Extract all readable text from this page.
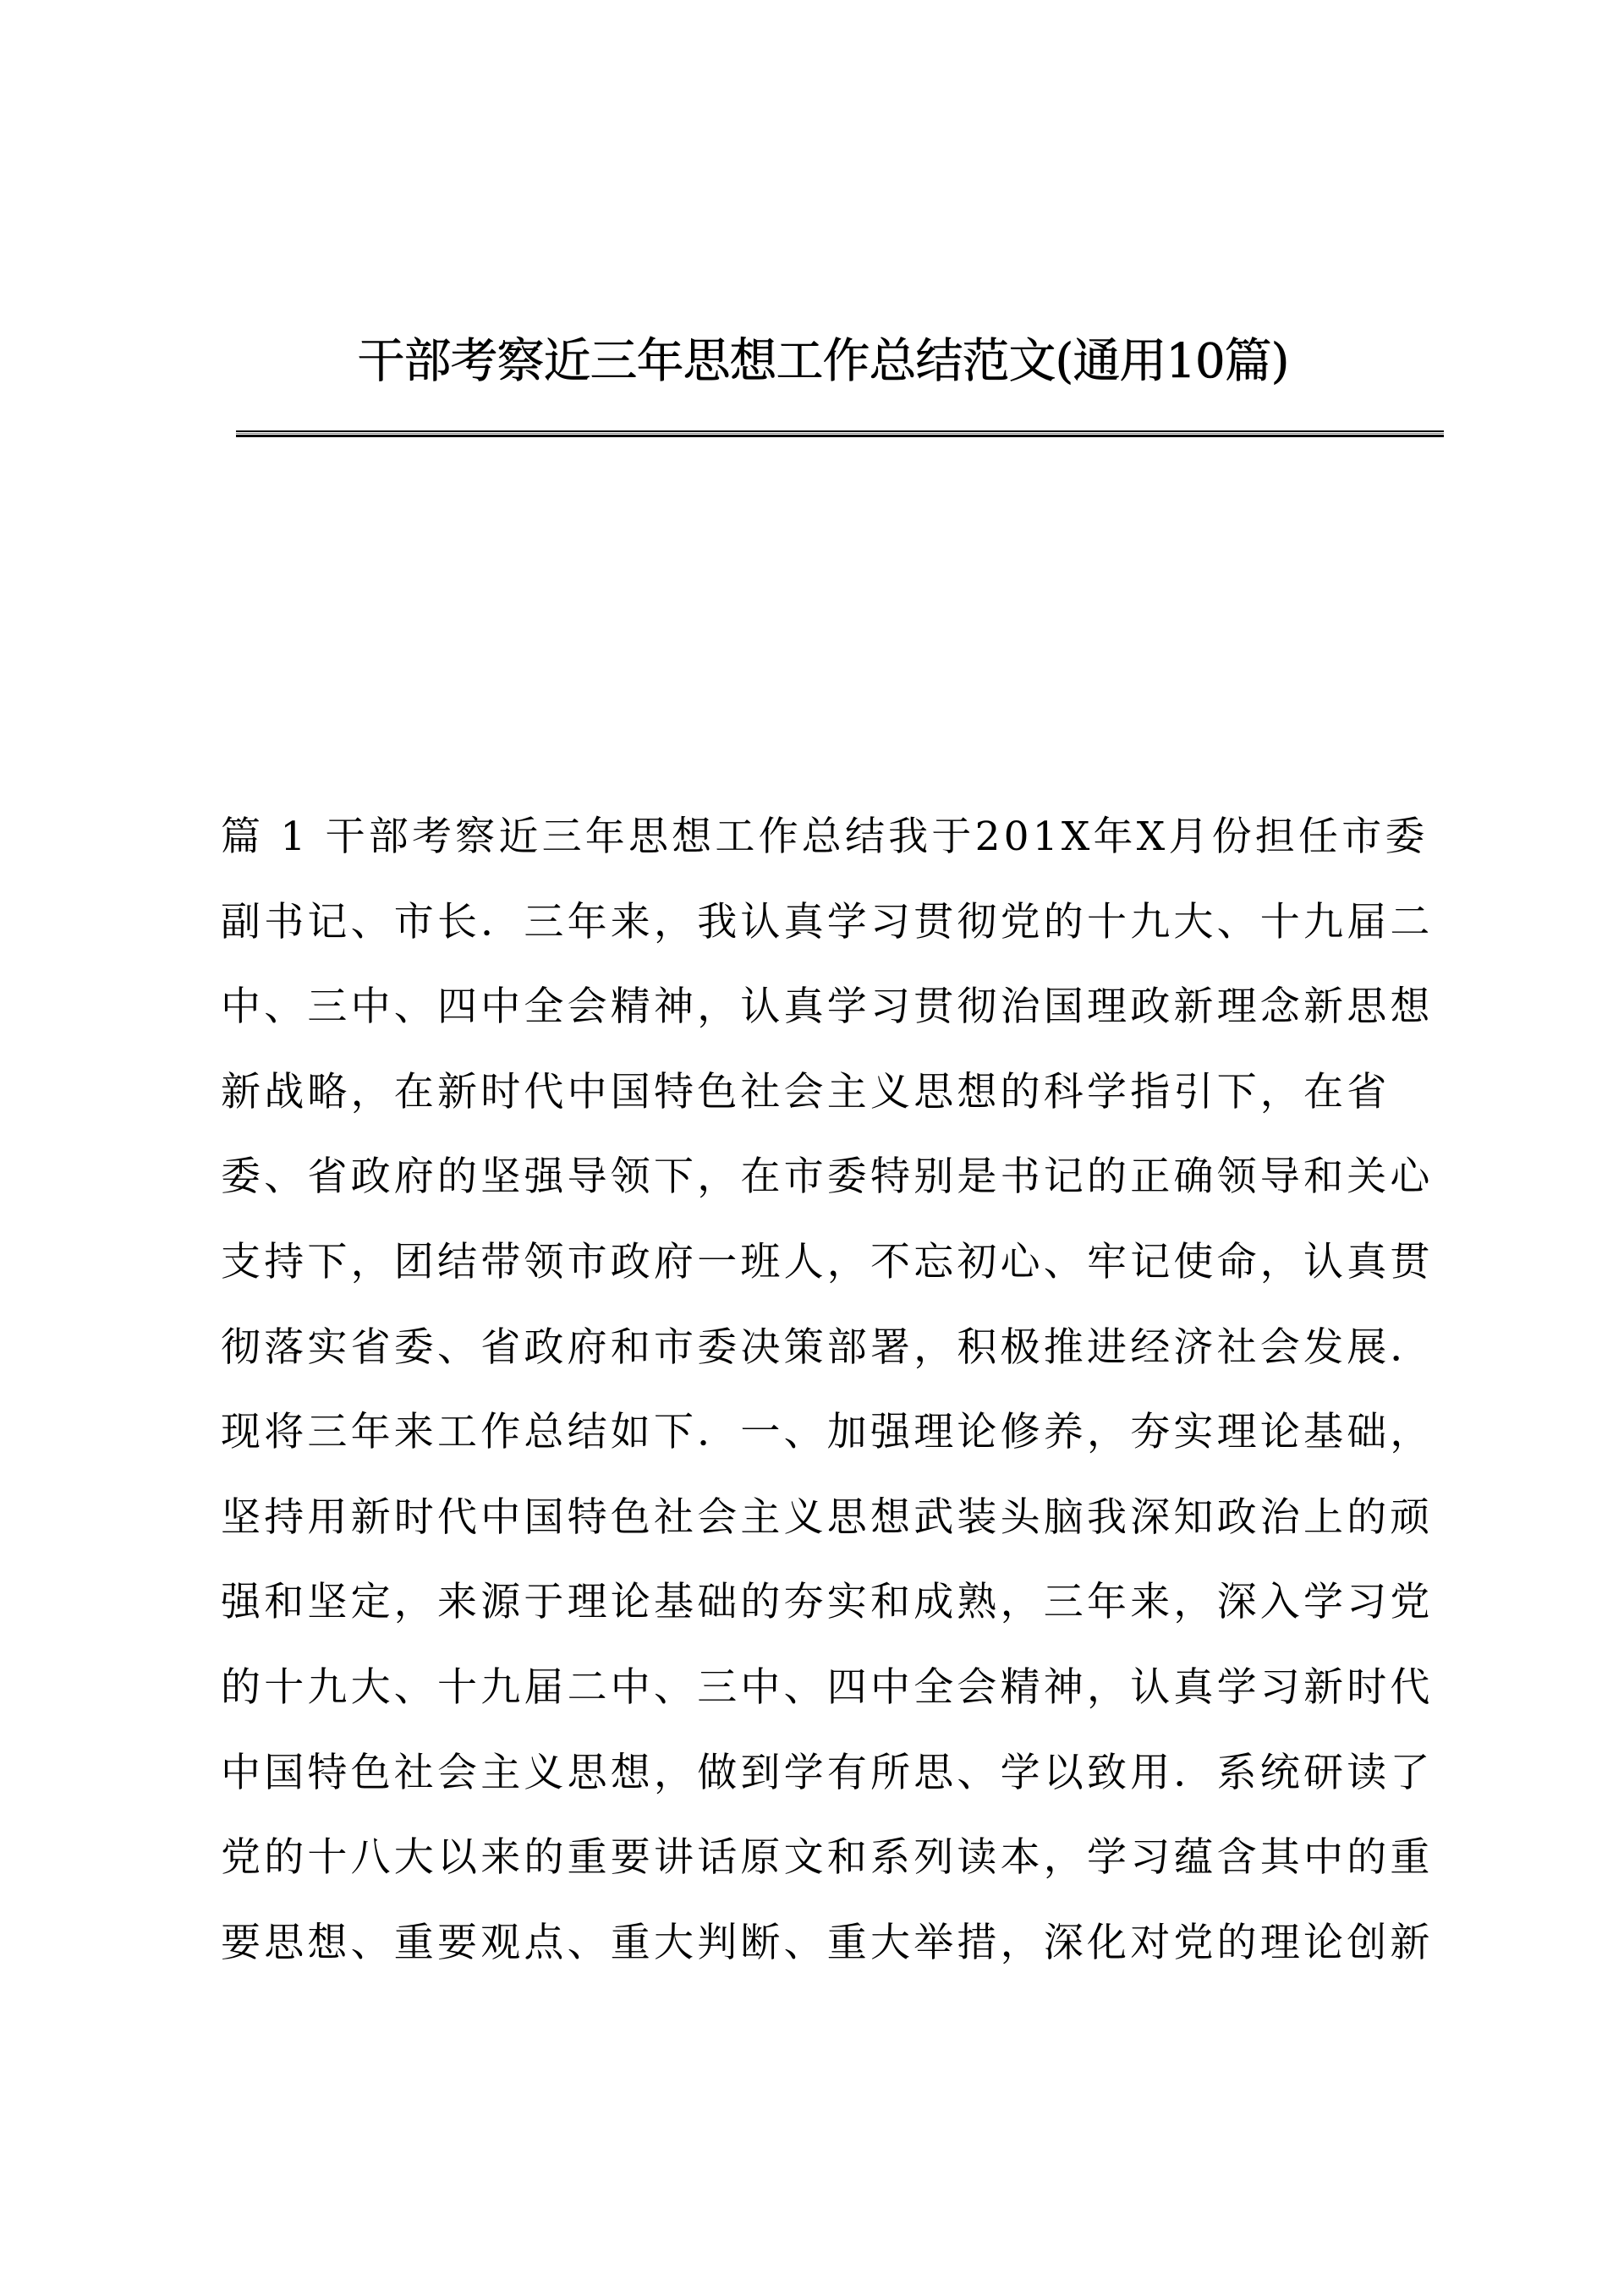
干部考察近三年思想工作总结范文(通用10篇)
篇 1 干部考察近三年思想工作总结我于201X年X月份担任市委
副书记、市长．三年来，我认真学习贯彻党的十九大、十九届二
中、三中、四中全会精神，认真学习贯彻治国理政新理念新思想
新战略，在新时代中国特色社会主义思想的科学指引下，在省
委、省政府的坚强导领下，在市委特别是书记的正确领导和关心
支持下，团结带领市政府一班人，不忘初心、牢记使命，认真贯
彻落实省委、省政府和市委决策部署，积极推进经济社会发展．
现将三年来工作总结如下．一、加强理论修养，夯实理论基础，
坚持用新时代中国特色社会主义思想武装头脑我深知政治上的顽
强和坚定，来源于理论基础的夯实和成熟，三年来，深入学习党
的十九大、十九届二中、三中、四中全会精神，认真学习新时代
中国特色社会主义思想，做到学有所思、学以致用．系统研读了
党的十八大以来的重要讲话原文和系列读本，学习蕴含其中的重
要思想、重要观点、重大判断、重大举措，深化对党的理论创新
